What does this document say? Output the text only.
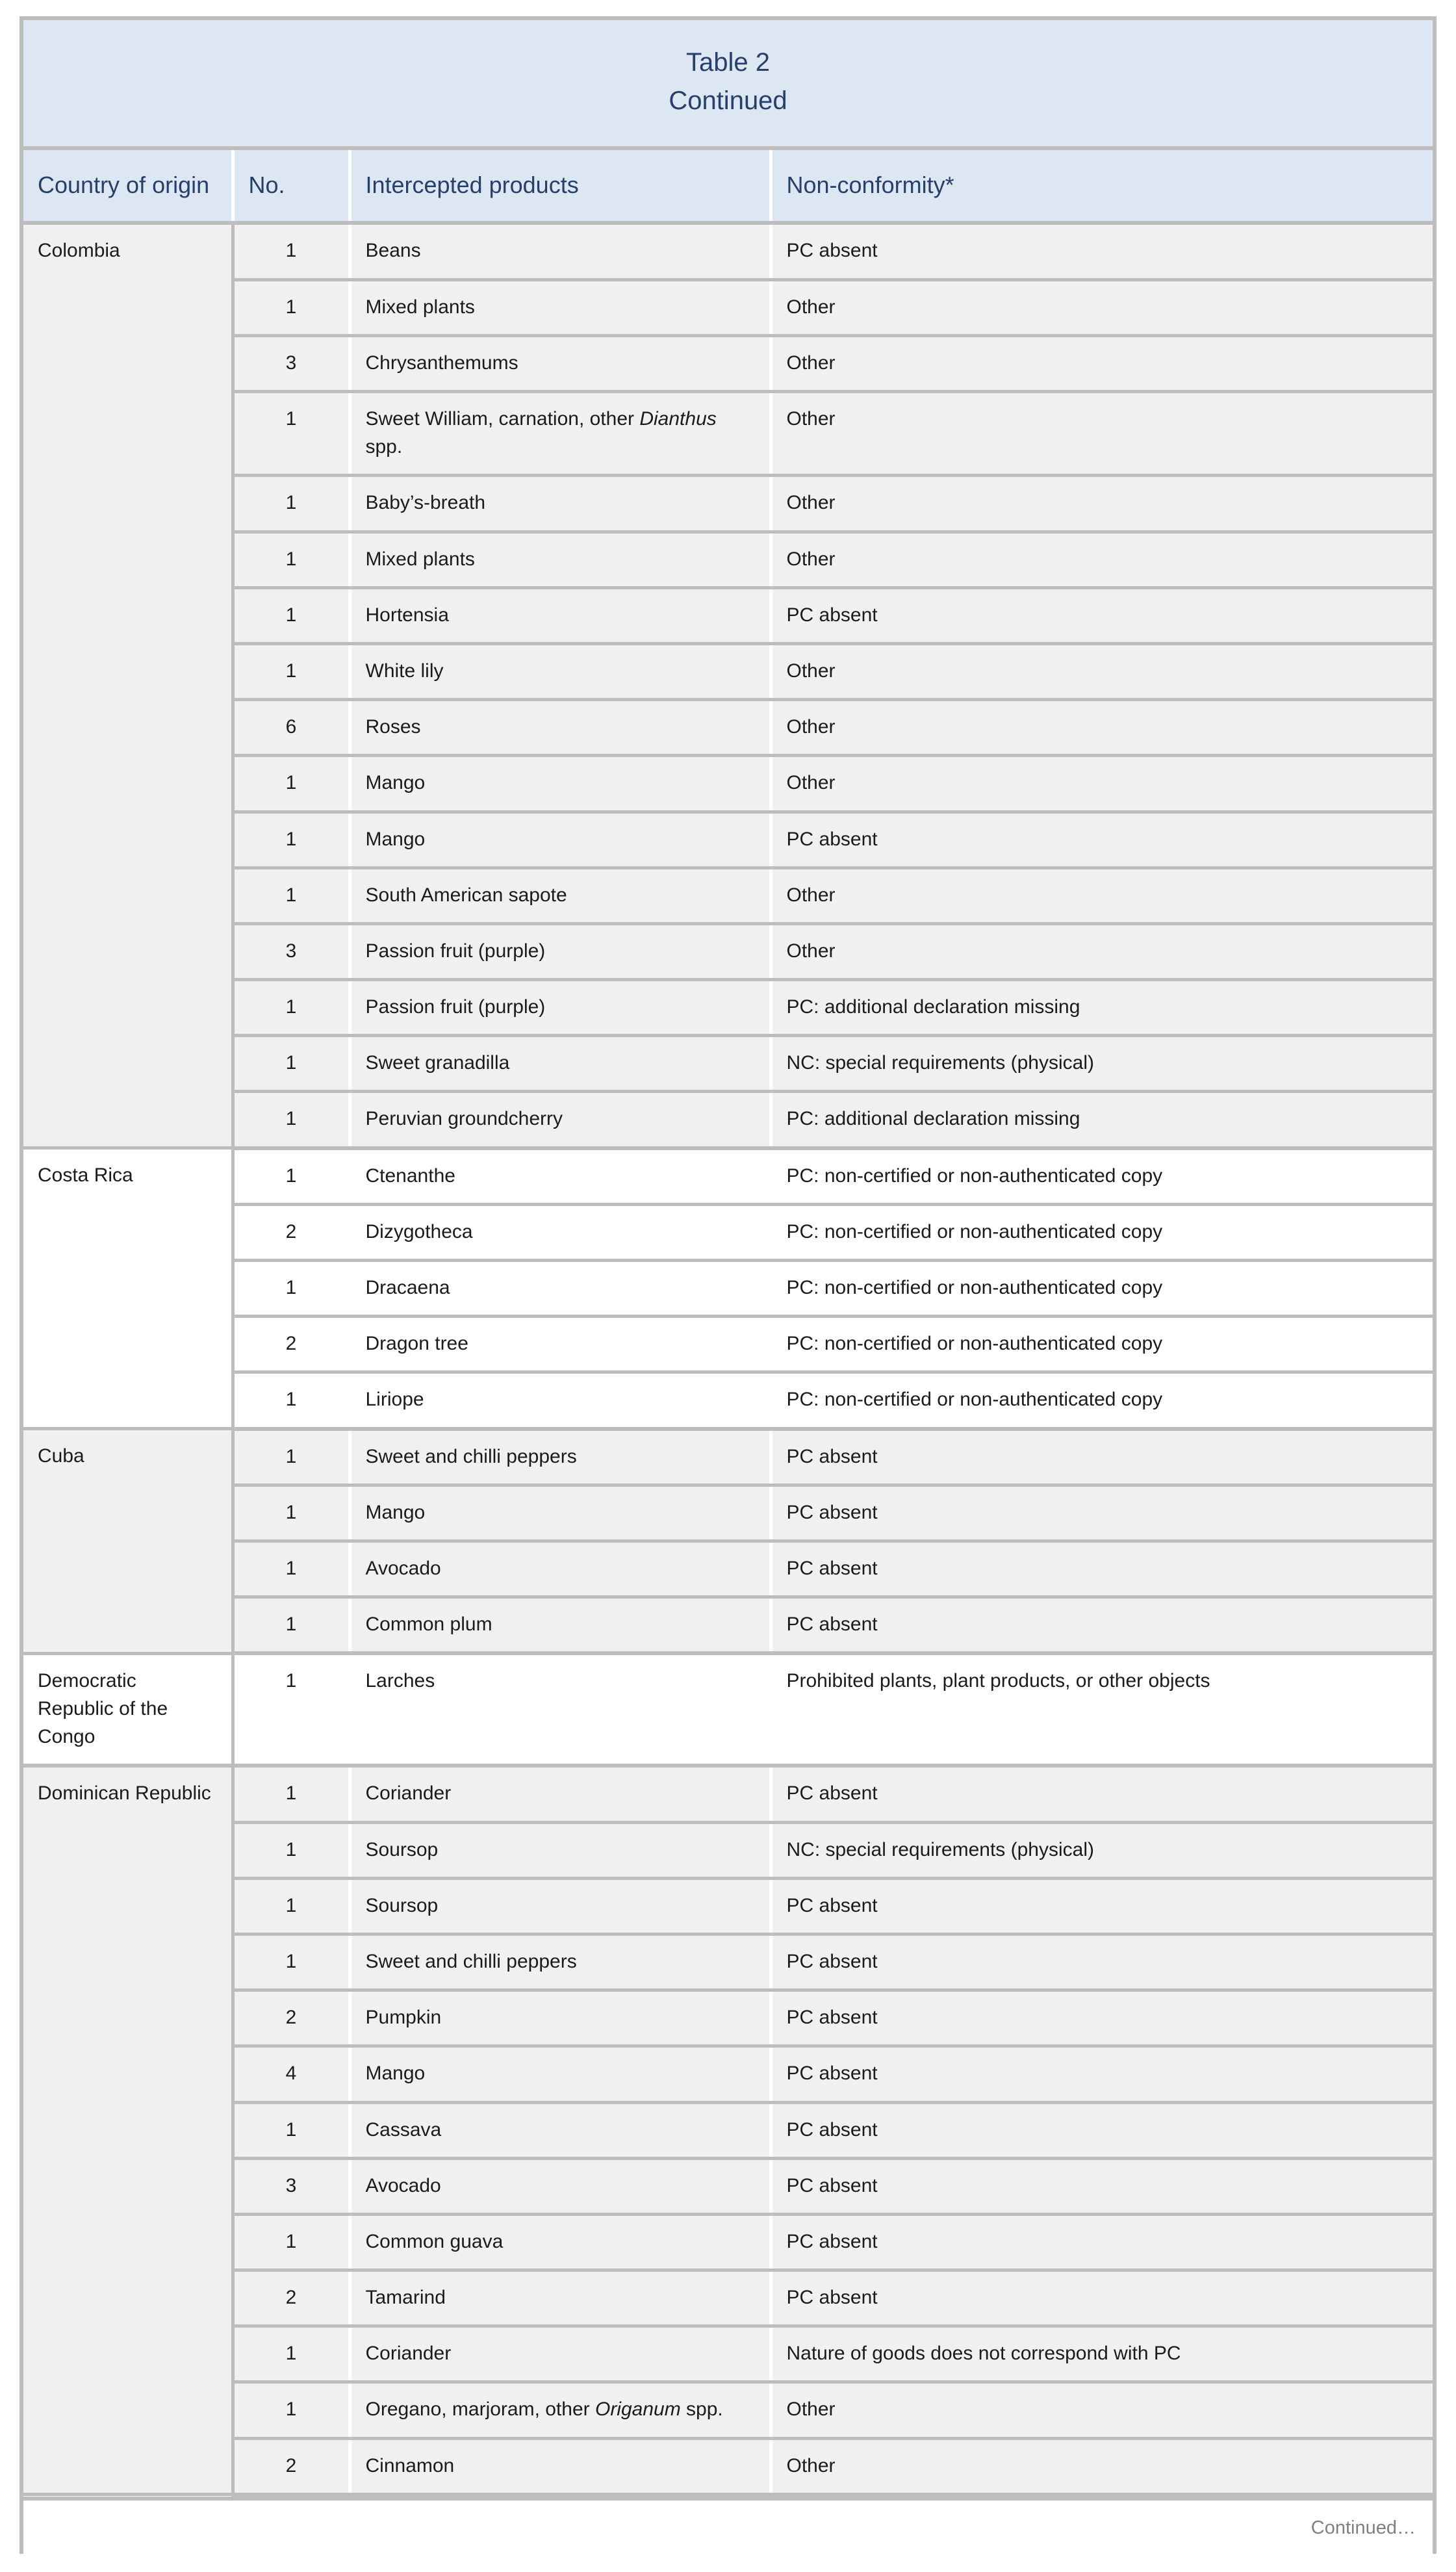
Table 2
Continued
Country of origin	No.	Intercepted products	Non-conformity*
Colombia	1	Beans	PC absent
	1	Mixed plants	Other
	3	Chrysanthemums	Other
	1	Sweet William, carnation, other Dianthus spp.	Other
	1	Baby’s-breath	Other
	1	Mixed plants	Other
	1	Hortensia	PC absent
	1	White lily	Other
	6	Roses	Other
	1	Mango	Other
	1	Mango	PC absent
	1	South American sapote	Other
	3	Passion fruit (purple)	Other
	1	Passion fruit (purple)	PC: additional declaration missing
	1	Sweet granadilla	NC: special requirements (physical)
	1	Peruvian groundcherry	PC: additional declaration missing
Costa Rica	1	Ctenanthe	PC: non-certified or non-authenticated copy
	2	Dizygotheca	PC: non-certified or non-authenticated copy
	1	Dracaena	PC: non-certified or non-authenticated copy
	2	Dragon tree	PC: non-certified or non-authenticated copy
	1	Liriope	PC: non-certified or non-authenticated copy
Cuba	1	Sweet and chilli peppers	PC absent
	1	Mango	PC absent
	1	Avocado	PC absent
	1	Common plum	PC absent
Democratic Republic of the Congo	1	Larches	Prohibited plants, plant products, or other objects
Dominican Republic	1	Coriander	PC absent
	1	Soursop	NC: special requirements (physical)
	1	Soursop	PC absent
	1	Sweet and chilli peppers	PC absent
	2	Pumpkin	PC absent
	4	Mango	PC absent
	1	Cassava	PC absent
	3	Avocado	PC absent
	1	Common guava	PC absent
	2	Tamarind	PC absent
	1	Coriander	Nature of goods does not correspond with PC
	1	Oregano, marjoram, other Origanum spp.	Other
	2	Cinnamon	Other
Continued…
